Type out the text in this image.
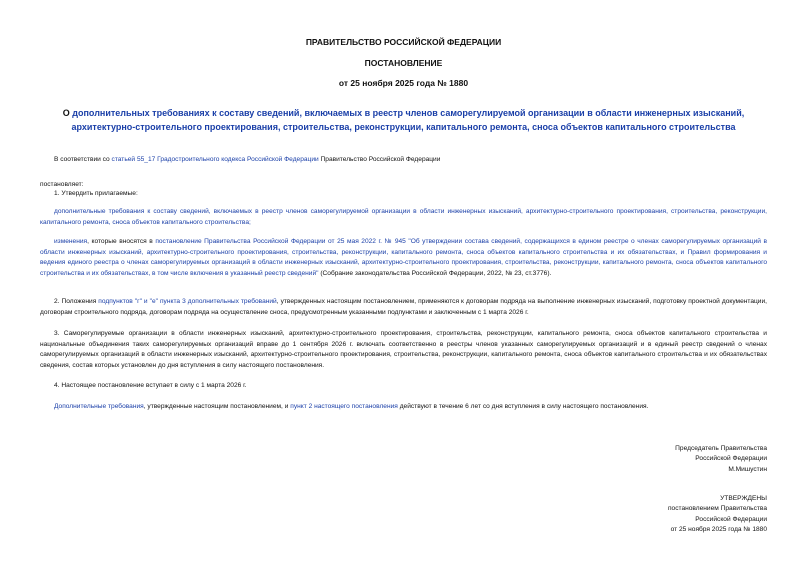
ПРАВИТЕЛЬСТВО РОССИЙСКОЙ ФЕДЕРАЦИИ
ПОСТАНОВЛЕНИЕ
от 25 ноября 2025 года № 1880
О дополнительных требованиях к составу сведений, включаемых в реестр членов саморегулируемой организации в области инженерных изысканий, архитектурно-строительного проектирования, строительства, реконструкции, капитального ремонта, сноса объектов капитального строительства
В соответствии со статьей 55_17 Градостроительного кодекса Российской Федерации Правительство Российской Федерации
постановляет:
1. Утвердить прилагаемые:
дополнительные требования к составу сведений, включаемых в реестр членов саморегулируемой организации в области инженерных изысканий, архитектурно-строительного проектирования, строительства, реконструкции, капитального ремонта, сноса объектов капитального строительства;
изменения, которые вносятся в постановление Правительства Российской Федерации от 25 мая 2022 г. № 945 "Об утверждении состава сведений, содержащихся в едином реестре о членах саморегулируемых организаций в области инженерных изысканий, архитектурно-строительного проектирования, строительства, реконструкции, капитального ремонта, сноса объектов капитального строительства и их обязательствах, и Правил формирования и ведения единого реестра о членах саморегулируемых организаций в области инженерных изысканий, архитектурно-строительного проектирования, строительства, реконструкции, капитального ремонта, сноса объектов капитального строительства и их обязательствах, в том числе включения в указанный реестр сведений" (Собрание законодательства Российской Федерации, 2022, № 23, ст.3776).
2. Положения подпунктов "г" и "е" пункта 3 дополнительных требований, утвержденных настоящим постановлением, применяются к договорам подряда на выполнение инженерных изысканий, подготовку проектной документации, договорам строительного подряда, договорам подряда на осуществление сноса, предусмотренным указанными подпунктами и заключенным с 1 марта 2026 г.
3. Саморегулируемые организации в области инженерных изысканий, архитектурно-строительного проектирования, строительства, реконструкции, капитального ремонта, сноса объектов капитального строительства и национальные объединения таких саморегулируемых организаций вправе до 1 сентября 2026 г. включать соответственно в реестры членов указанных саморегулируемых организаций и в единый реестр сведений о членах саморегулируемых организаций в области инженерных изысканий, архитектурно-строительного проектирования, строительства, реконструкции, капитального ремонта, сноса объектов капитального строительства и их обязательствах сведения, состав которых установлен до дня вступления в силу настоящего постановления.
4. Настоящее постановление вступает в силу с 1 марта 2026 г.
Дополнительные требования, утвержденные настоящим постановлением, и пункт 2 настоящего постановления действуют в течение 6 лет со дня вступления в силу настоящего постановления.
Председатель Правительства
Российской Федерации
М.Мишустин
УТВЕРЖДЕНЫ
постановлением Правительства
Российской Федерации
от 25 ноября 2025 года № 1880
